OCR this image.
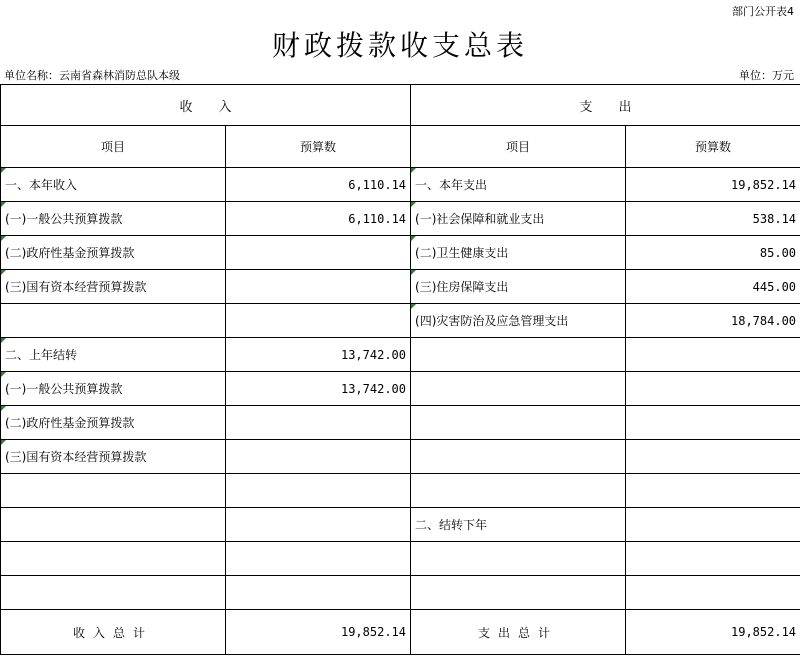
部门公开表4
财政拨款收支总表
单位名称：云南省森林消防总队本级	单位：万元
收　　入		支　　出	
项目	预算数	项目	预算数
一、本年收入	6,110.14	一、本年支出	19,852.14
(一)一般公共预算拨款	6,110.14	(一)社会保障和就业支出	538.14
(二)政府性基金预算拨款		(二)卫生健康支出	85.00
(三)国有资本经营预算拨款		(三)住房保障支出	445.00
		(四)灾害防治及应急管理支出	18,784.00
二、上年结转	13,742.00		
(一)一般公共预算拨款	13,742.00		
(二)政府性基金预算拨款			
(三)国有资本经营预算拨款			

		二、结转下年	

收入总计	19,852.14	支出总计	19,852.14
